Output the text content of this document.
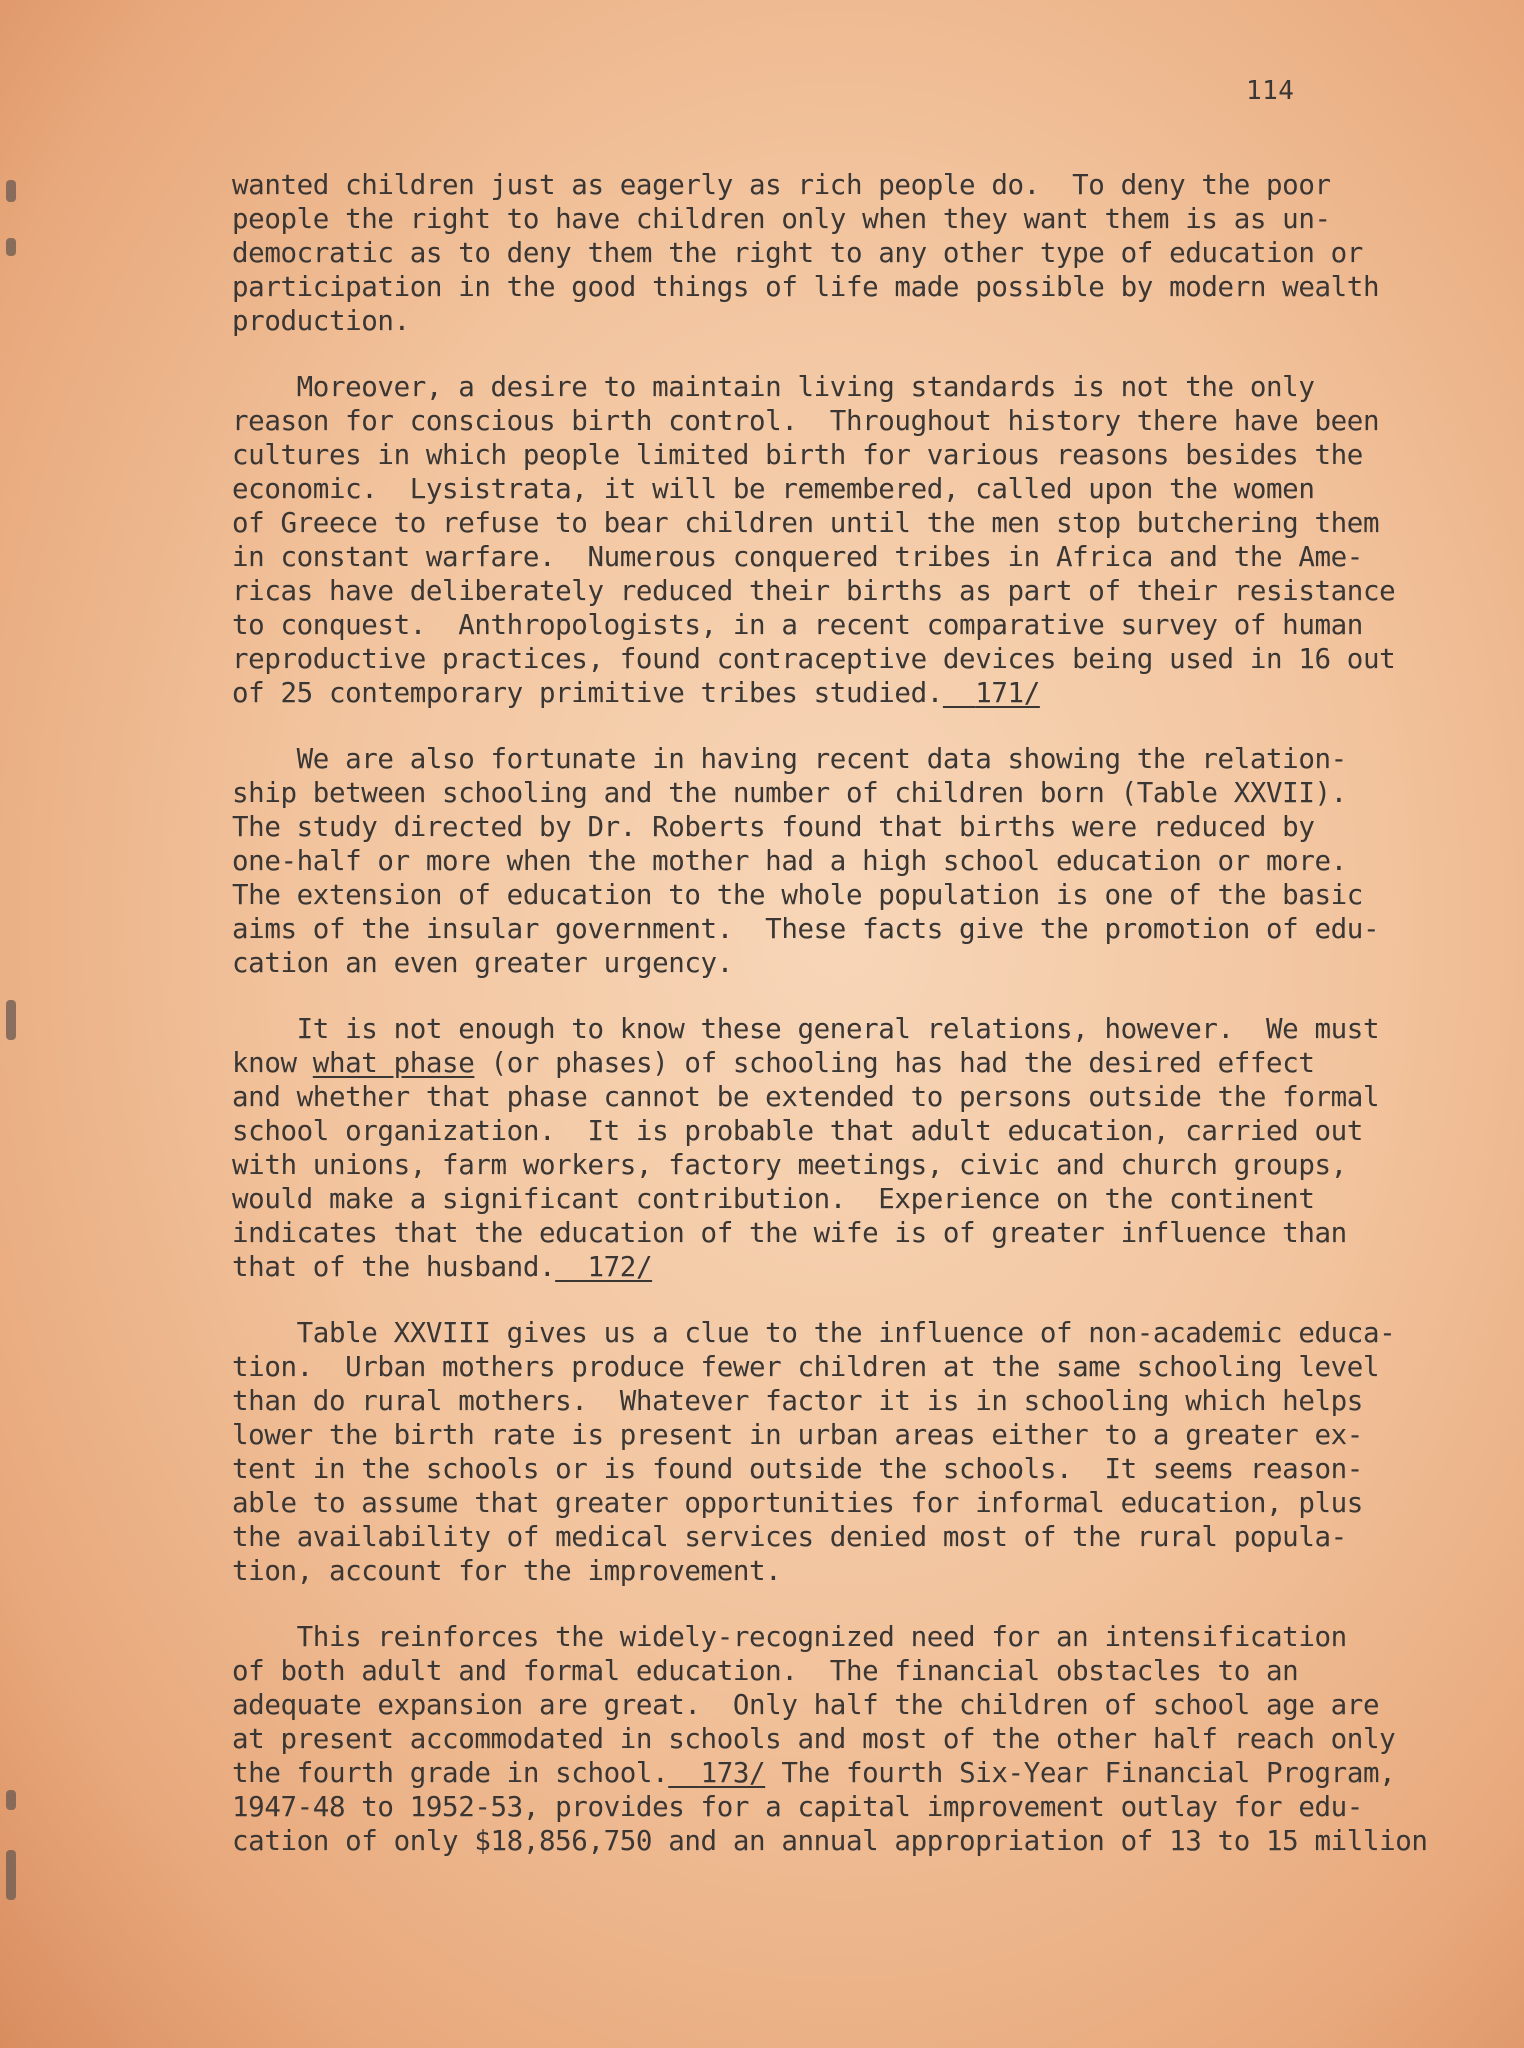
114
wanted children just as eagerly as rich people do.  To deny the poor
people the right to have children only when they want them is as un-
democratic as to deny them the right to any other type of education or
participation in the good things of life made possible by modern wealth
production.
Moreover, a desire to maintain living standards is not the only
reason for conscious birth control.  Throughout history there have been
cultures in which people limited birth for various reasons besides the
economic.  Lysistrata, it will be remembered, called upon the women
of Greece to refuse to bear children until the men stop butchering them
in constant warfare.  Numerous conquered tribes in Africa and the Ame-
ricas have deliberately reduced their births as part of their resistance
to conquest.  Anthropologists, in a recent comparative survey of human
reproductive practices, found contraceptive devices being used in 16 out
of 25 contemporary primitive tribes studied. 171/
We are also fortunate in having recent data showing the relation-
ship between schooling and the number of children born (Table XXVII).
The study directed by Dr. Roberts found that births were reduced by
one-half or more when the mother had a high school education or more.
The extension of education to the whole population is one of the basic
aims of the insular government.  These facts give the promotion of edu-
cation an even greater urgency.
It is not enough to know these general relations, however.  We must
know what phase (or phases) of schooling has had the desired effect
and whether that phase cannot be extended to persons outside the formal
school organization.  It is probable that adult education, carried out
with unions, farm workers, factory meetings, civic and church groups,
would make a significant contribution.  Experience on the continent
indicates that the education of the wife is of greater influence than
that of the husband. 172/
Table XXVIII gives us a clue to the influence of non-academic educa-
tion.  Urban mothers produce fewer children at the same schooling level
than do rural mothers.  Whatever factor it is in schooling which helps
lower the birth rate is present in urban areas either to a greater ex-
tent in the schools or is found outside the schools.  It seems reason-
able to assume that greater opportunities for informal education, plus
the availability of medical services denied most of the rural popula-
tion, account for the improvement.
This reinforces the widely-recognized need for an intensification
of both adult and formal education.  The financial obstacles to an
adequate expansion are great.  Only half the children of school age are
at present accommodated in schools and most of the other half reach only
the fourth grade in school. 173/ The fourth Six-Year Financial Program,
1947-48 to 1952-53, provides for a capital improvement outlay for edu-
cation of only $18,856,750 and an annual appropriation of 13 to 15 million
